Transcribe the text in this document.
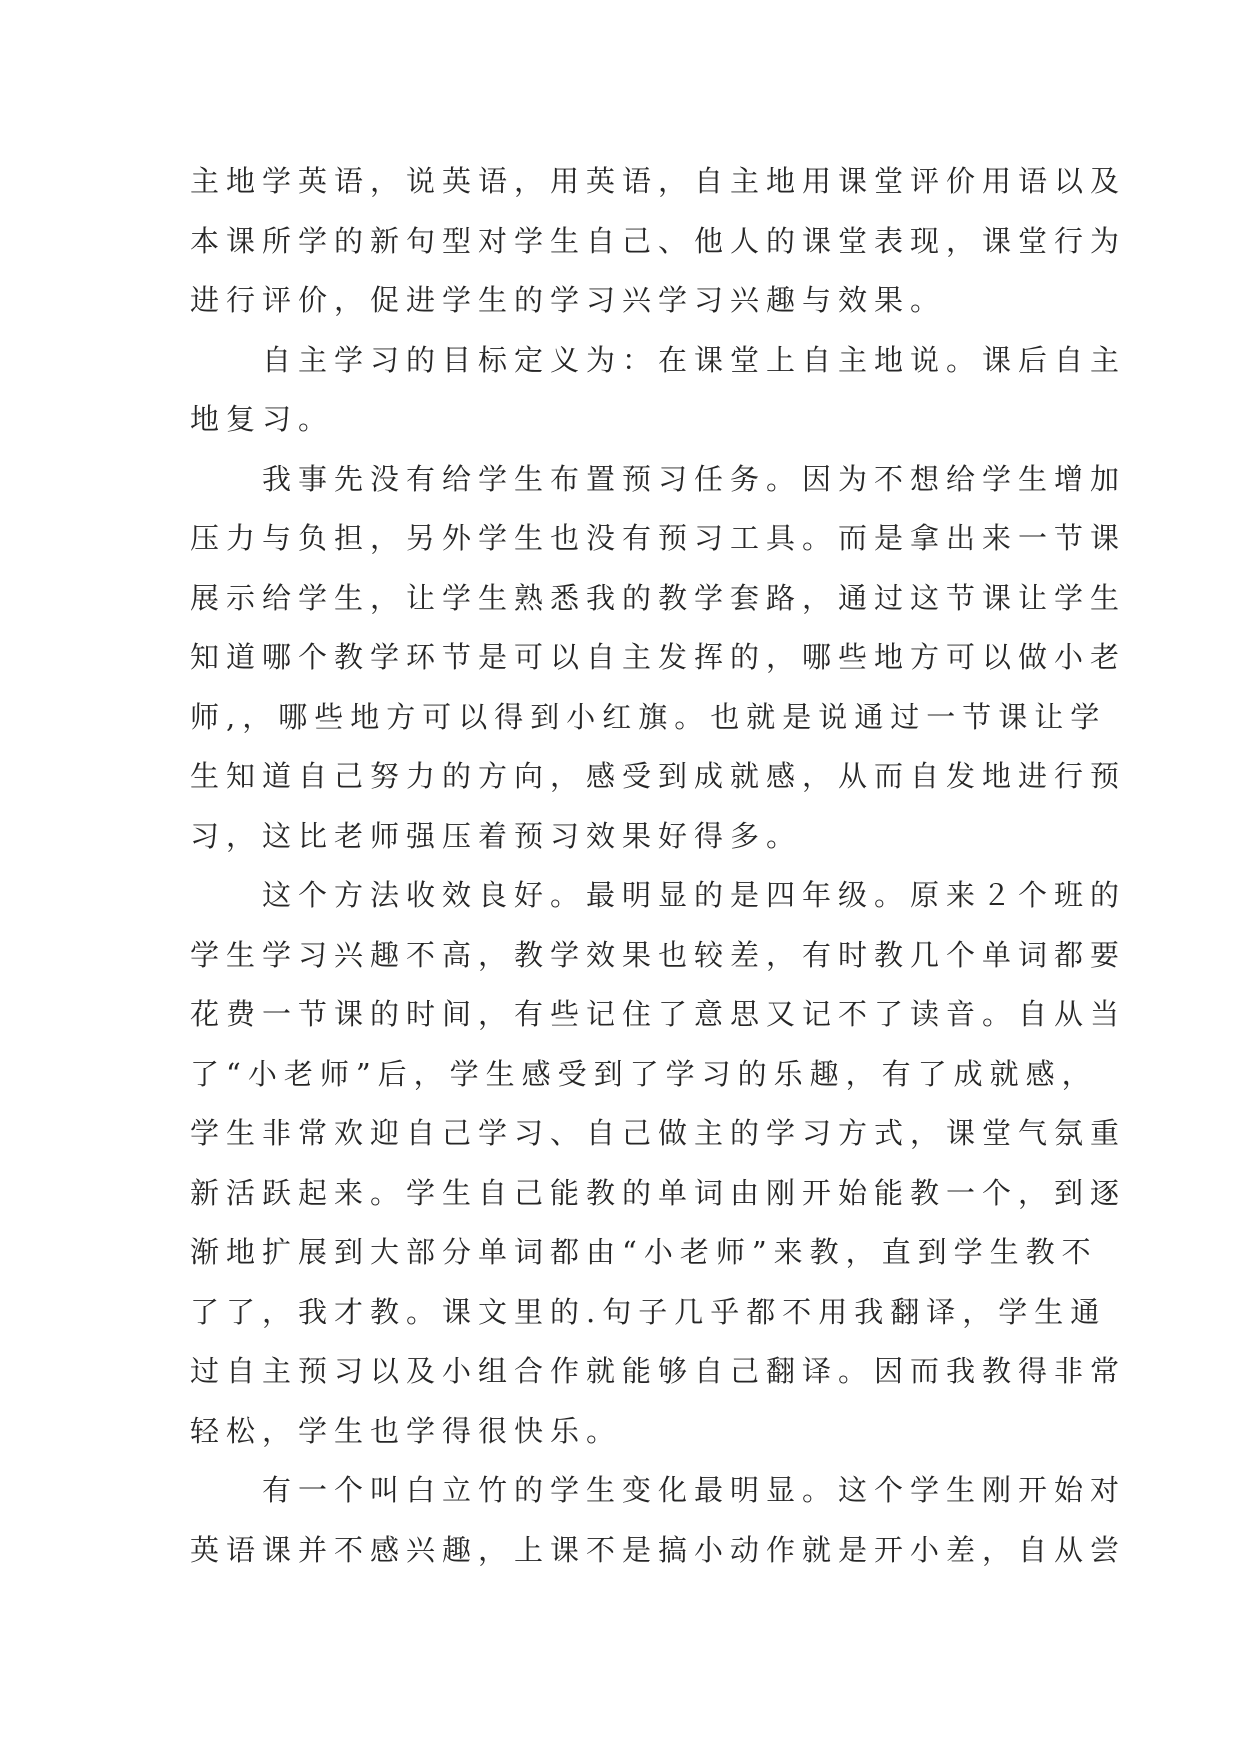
主地学英语，说英语，用英语，自主地用课堂评价用语以及
本课所学的新句型对学生自己、他人的课堂表现，课堂行为
进行评价，促进学生的学习兴学习兴趣与效果。
自主学习的目标定义为：在课堂上自主地说。课后自主
地复习。
我事先没有给学生布置预习任务。因为不想给学生增加
压力与负担，另外学生也没有预习工具。而是拿出来一节课
展示给学生，让学生熟悉我的教学套路，通过这节课让学生
知道哪个教学环节是可以自主发挥的，哪些地方可以做小老
师,，哪些地方可以得到小红旗。也就是说通过一节课让学
生知道自己努力的方向，感受到成就感，从而自发地进行预
习，这比老师强压着预习效果好得多。
这个方法收效良好。最明显的是四年级。原来２个班的
学生学习兴趣不高，教学效果也较差，有时教几个单词都要
花费一节课的时间，有些记住了意思又记不了读音。自从当
了“小老师”后，学生感受到了学习的乐趣，有了成就感，
学生非常欢迎自己学习、自己做主的学习方式，课堂气氛重
新活跃起来。学生自己能教的单词由刚开始能教一个，到逐
渐地扩展到大部分单词都由“小老师”来教，直到学生教不
了了，我才教。课文里的.句子几乎都不用我翻译，学生通
过自主预习以及小组合作就能够自己翻译。因而我教得非常
轻松，学生也学得很快乐。
有一个叫白立竹的学生变化最明显。这个学生刚开始对
英语课并不感兴趣，上课不是搞小动作就是开小差，自从尝
